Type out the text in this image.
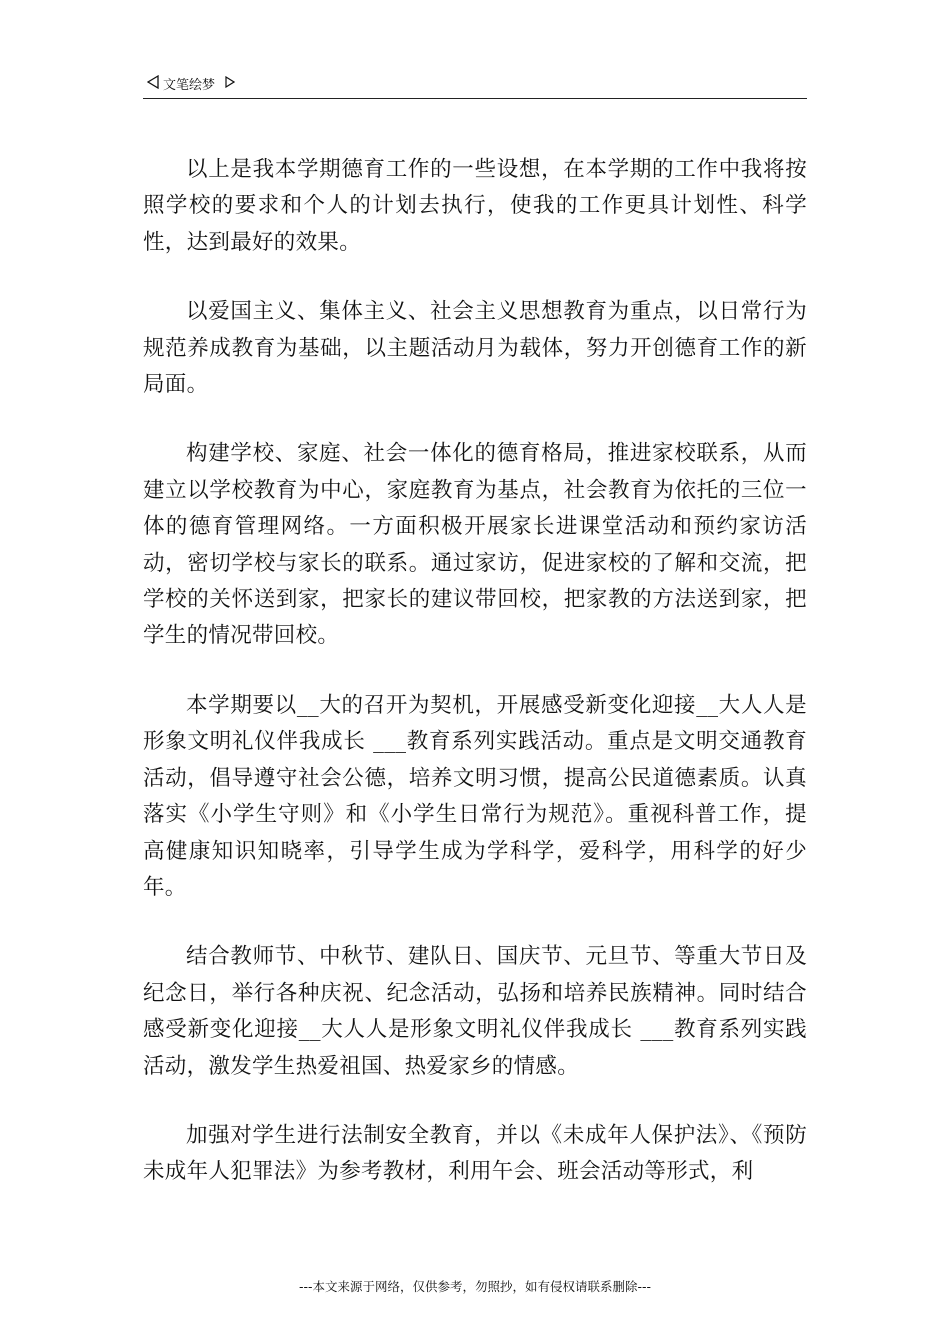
文笔绘梦

以上是我本学期德育工作的一些设想，在本学期的工作中我将按照学校的要求和个人的计划去执行，使我的工作更具计划性、科学性，达到最好的效果。

以爱国主义、集体主义、社会主义思想教育为重点，以日常行为规范养成教育为基础，以主题活动月为载体，努力开创德育工作的新局面。

构建学校、家庭、社会一体化的德育格局，推进家校联系，从而建立以学校教育为中心，家庭教育为基点，社会教育为依托的三位一体的德育管理网络。一方面积极开展家长进课堂活动和预约家访活动，密切学校与家长的联系。通过家访，促进家校的了解和交流，把学校的关怀送到家，把家长的建议带回校，把家教的方法送到家，把学生的情况带回校。

本学期要以__大的召开为契机，开展感受新变化迎接__大人人是形象文明礼仪伴我成长 ___教育系列实践活动。重点是文明交通教育活动，倡导遵守社会公德，培养文明习惯，提高公民道德素质。认真落实《小学生守则》和《小学生日常行为规范》。重视科普工作，提高健康知识知晓率，引导学生成为学科学，爱科学，用科学的好少年。

结合教师节、中秋节、建队日、国庆节、元旦节、等重大节日及纪念日，举行各种庆祝、纪念活动，弘扬和培养民族精神。同时结合感受新变化迎接__大人人是形象文明礼仪伴我成长 ___教育系列实践活动，激发学生热爱祖国、热爱家乡的情感。

加强对学生进行法制安全教育，并以《未成年人保护法》、《预防未成年人犯罪法》为参考教材，利用午会、班会活动等形式，利

---本文来源于网络，仅供参考，勿照抄，如有侵权请联系删除---
